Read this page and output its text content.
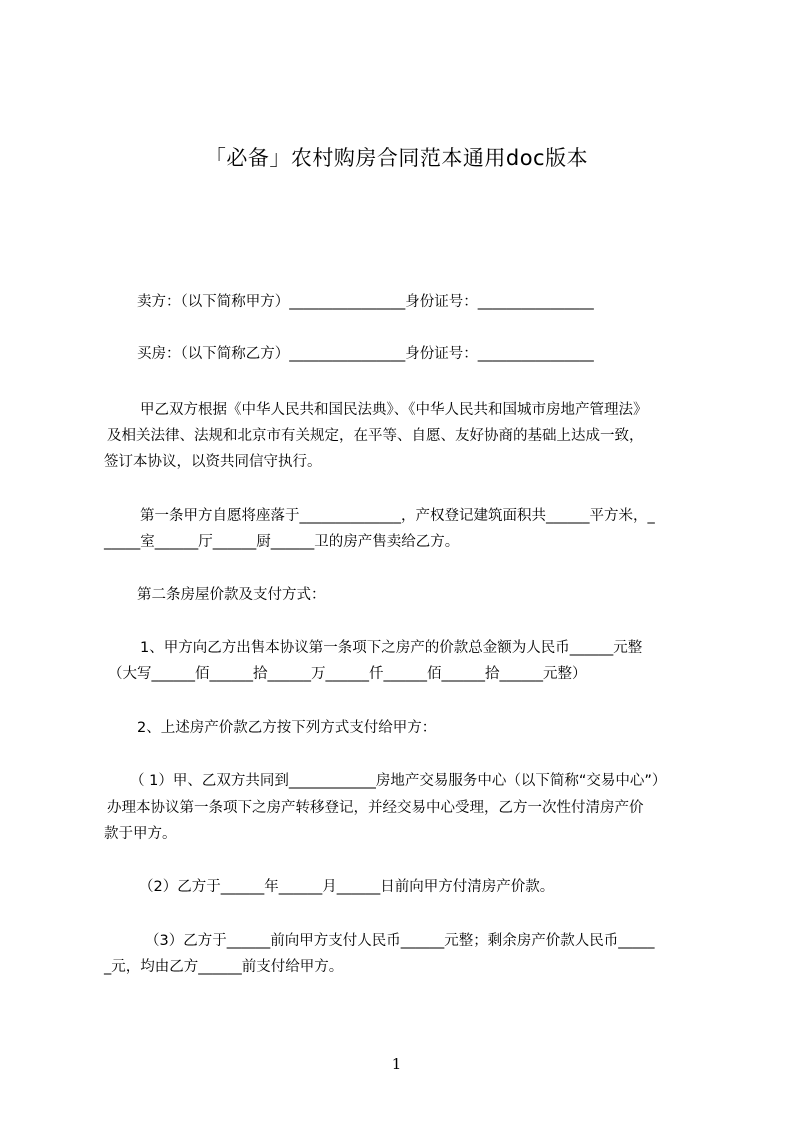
「必备」农村购房合同范本通用doc版本
卖方：（以下简称甲方）________________身份证号：________________
买房：（以下简称乙方）________________身份证号：________________
甲乙双方根据《中华人民共和国民法典》、《中华人民共和国城市房地产管理法》
及相关法律、法规和北京市有关规定，在平等、自愿、友好协商的基础上达成一致，
签订本协议，以资共同信守执行。
第一条甲方自愿将座落于______________，产权登记建筑面积共______平方米，_
_____室______厅______厨______卫的房产售卖给乙方。
第二条房屋价款及支付方式：
1、甲方向乙方出售本协议第一条项下之房产的价款总金额为人民币______元整
（大写______佰______拾______万______仟______佰______拾______元整）
2、上述房产价款乙方按下列方式支付给甲方：
（ 1）甲、乙双方共同到____________房地产交易服务中心（以下简称“交易中心”）
办理本协议第一条项下之房产转移登记，并经交易中心受理，乙方一次性付清房产价
款于甲方。
（2）乙方于______年______月______日前向甲方付清房产价款。
（3）乙方于______前向甲方支付人民币______元整；剩余房产价款人民币_____
_元，均由乙方______前支付给甲方。
1
